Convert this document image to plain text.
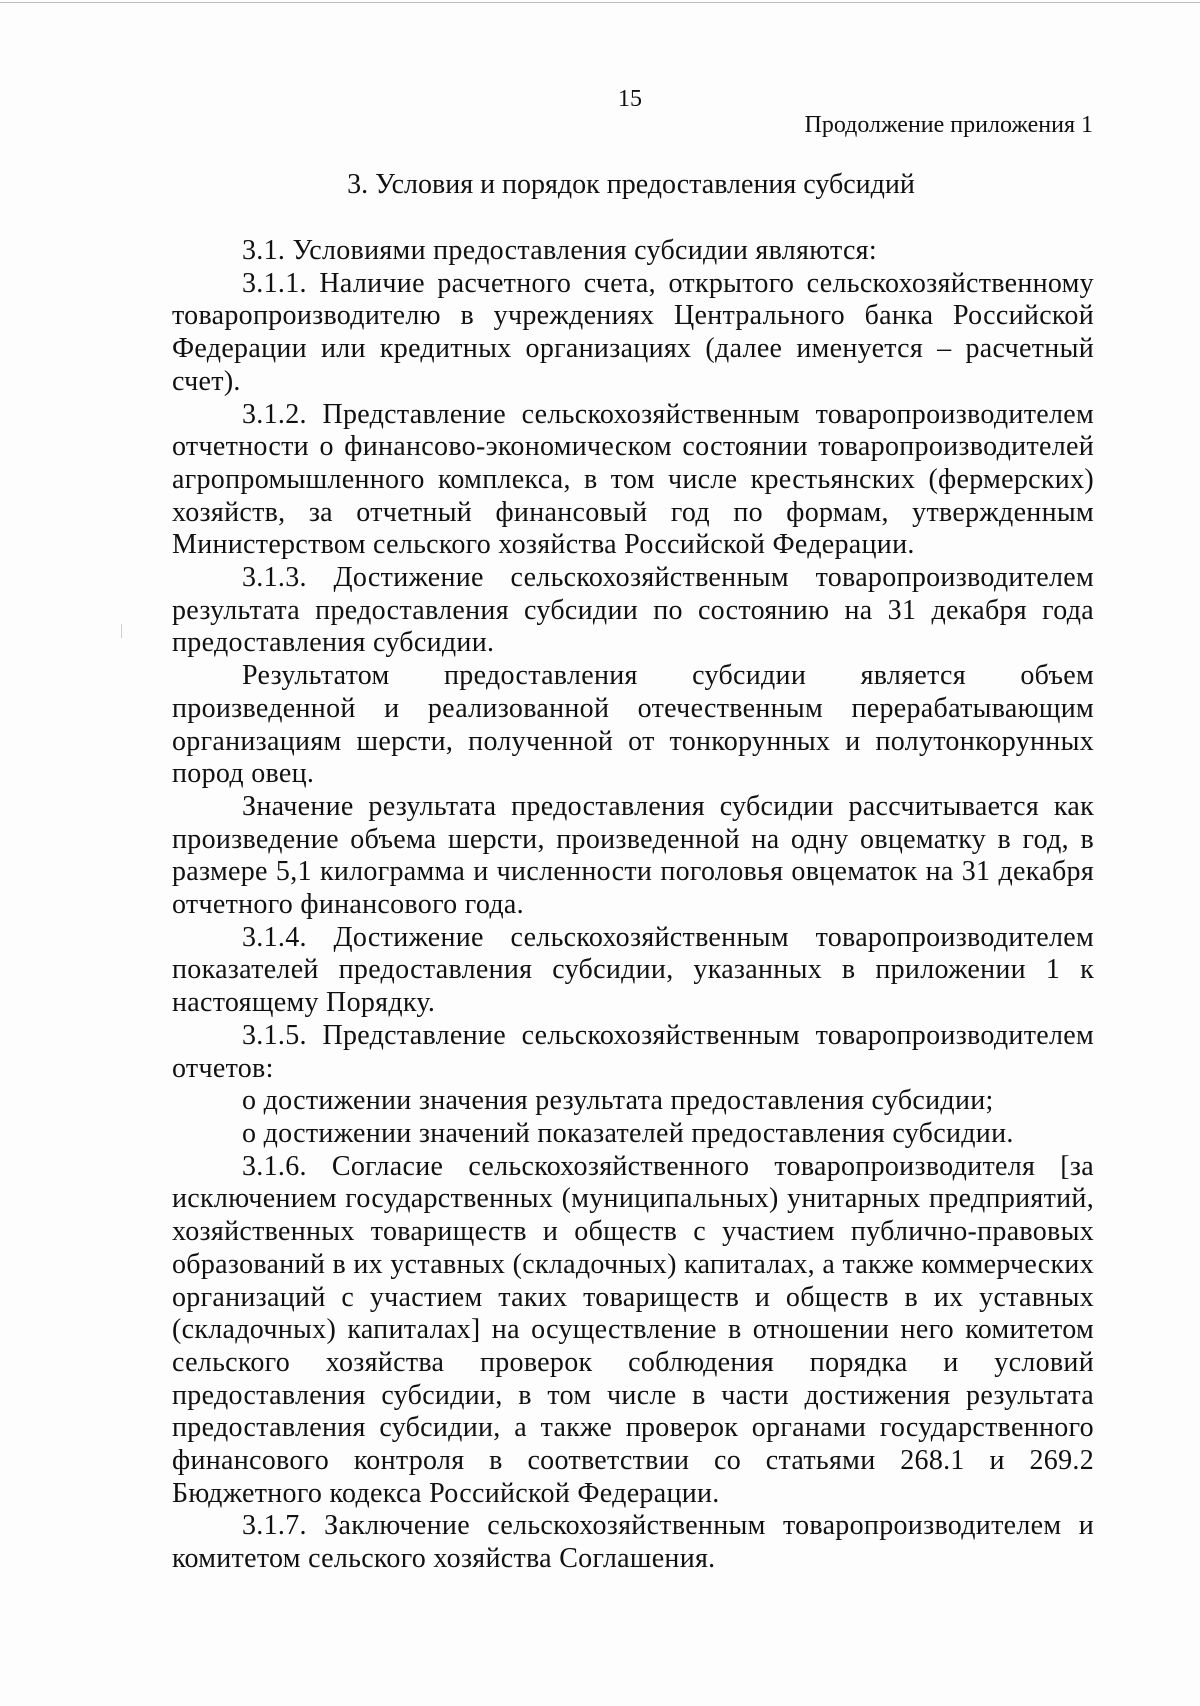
15
Продолжение приложения 1
3. Условия и порядок предоставления субсидий

3.1. Условиями предоставления субсидии являются:

3.1.1. Наличие расчетного счета, открытого сельскохозяйственному товаропроизводителю в учреждениях Центрального банка Российской Федерации или кредитных организациях (далее именуется – расчетный счет).

3.1.2. Представление сельскохозяйственным товаропроизводителем отчетности о финансово-экономическом состоянии товаропроизводителей агропромышленного комплекса, в том числе крестьянских (фермерских) хозяйств, за отчетный финансовый год по формам, утвержденным Министерством сельского хозяйства Российской Федерации.

3.1.3. Достижение сельскохозяйственным товаропроизводителем результата предоставления субсидии по состоянию на 31 декабря года предоставления субсидии.

Результатом предоставления субсидии является объем произведенной и реализованной отечественным перерабатывающим организациям шерсти, полученной от тонкорунных и полутонкорунных пород овец.

Значение результата предоставления субсидии рассчитывается как произведение объема шерсти, произведенной на одну овцематку в год, в размере 5,1 килограмма и численности поголовья овцематок на 31 декабря отчетного финансового года.

3.1.4. Достижение сельскохозяйственным товаропроизводителем показателей предоставления субсидии, указанных в приложении 1 к настоящему Порядку.

3.1.5. Представление сельскохозяйственным товаропроизводителем отчетов:

о достижении значения результата предоставления субсидии;

о достижении значений показателей предоставления субсидии.

3.1.6. Согласие сельскохозяйственного товаропроизводителя [за исключением государственных (муниципальных) унитарных предприятий, хозяйственных товариществ и обществ с участием публично-правовых образований в их уставных (складочных) капиталах, а также коммерческих организаций с участием таких товариществ и обществ в их уставных (складочных) капиталах] на осуществление в отношении него комитетом сельского хозяйства проверок соблюдения порядка и условий предоставления субсидии, в том числе в части достижения результата предоставления субсидии, а также проверок органами государственного финансового контроля в соответствии со статьями 268.1 и 269.2 Бюджетного кодекса Российской Федерации.

3.1.7. Заключение сельскохозяйственным товаропроизводителем и комитетом сельского хозяйства Соглашения.
